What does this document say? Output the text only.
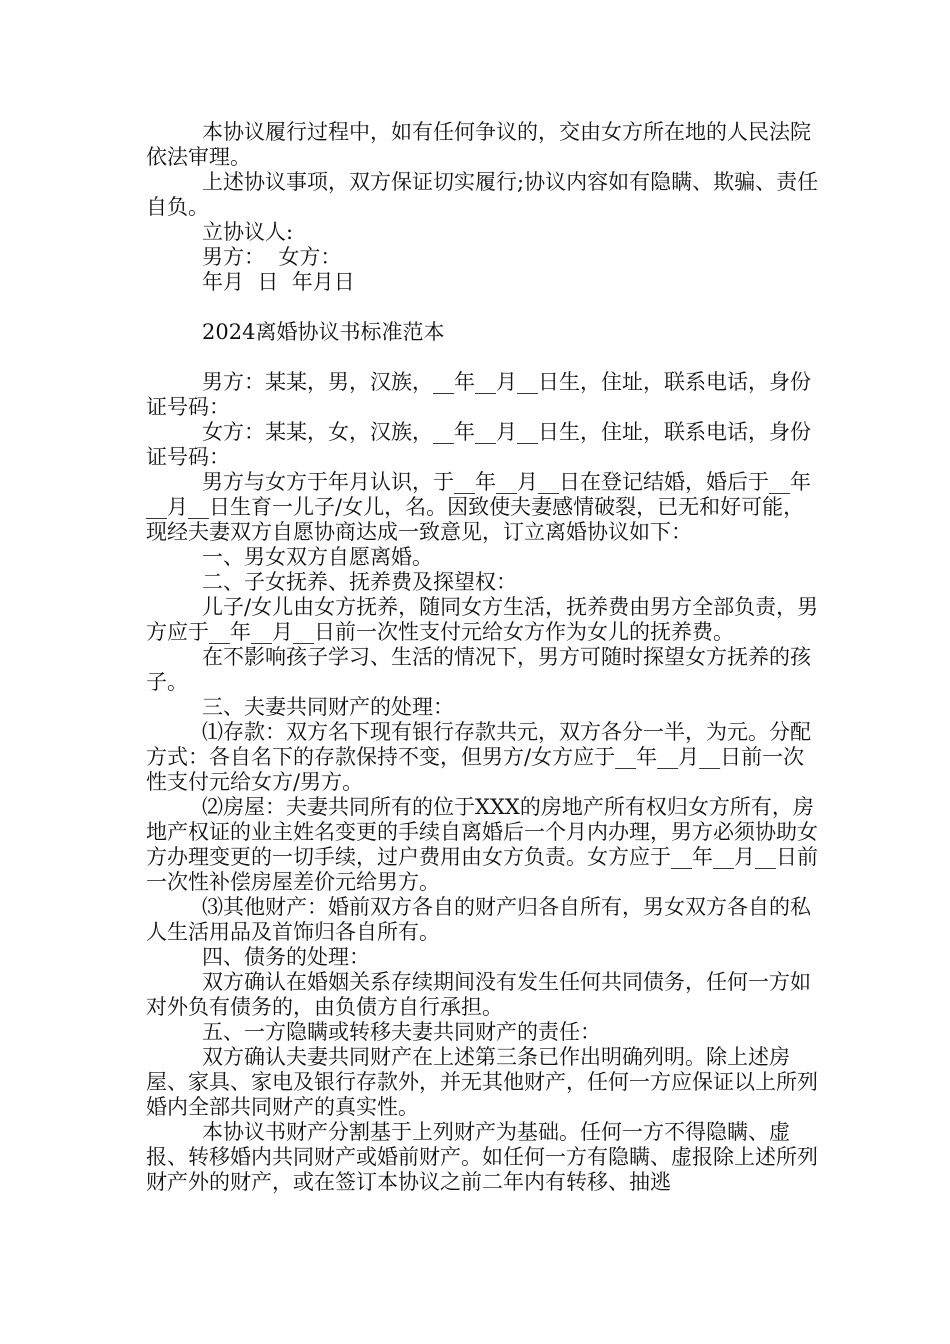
本协议履行过程中，如有任何争议的，交由女方所在地的人民法院依法审理。

上述协议事项，双方保证切实履行;协议内容如有隐瞒、欺骗、责任自负。

立协议人:

男方：  女方：

年月  日  年月日

2024离婚协议书标准范本

男方：某某，男，汉族，__年__月__日生，住址，联系电话，身份证号码：

女方：某某，女，汉族，__年__月__日生，住址，联系电话，身份证号码：

男方与女方于年月认识，于__年__月__日在登记结婚，婚后于__年__月__日生育一儿子/女儿，名。因致使夫妻感情破裂，已无和好可能，现经夫妻双方自愿协商达成一致意见，订立离婚协议如下：

一、男女双方自愿离婚。

二、子女抚养、抚养费及探望权：

儿子/女儿由女方抚养，随同女方生活，抚养费由男方全部负责，男方应于__年__月__日前一次性支付元给女方作为女儿的抚养费。

在不影响孩子学习、生活的情况下，男方可随时探望女方抚养的孩子。

三、夫妻共同财产的处理：

⑴存款：双方名下现有银行存款共元，双方各分一半，为元。分配方式：各自名下的存款保持不变，但男方/女方应于__年__月__日前一次性支付元给女方/男方。

⑵房屋：夫妻共同所有的位于XXX的房地产所有权归女方所有，房地产权证的业主姓名变更的手续自离婚后一个月内办理，男方必须协助女方办理变更的一切手续，过户费用由女方负责。女方应于__年__月__日前一次性补偿房屋差价元给男方。

⑶其他财产：婚前双方各自的财产归各自所有，男女双方各自的私人生活用品及首饰归各自所有。

四、债务的处理：

双方确认在婚姻关系存续期间没有发生任何共同债务，任何一方如对外负有债务的，由负债方自行承担。

五、一方隐瞒或转移夫妻共同财产的责任：

双方确认夫妻共同财产在上述第三条已作出明确列明。除上述房屋、家具、家电及银行存款外，并无其他财产，任何一方应保证以上所列婚内全部共同财产的真实性。

本协议书财产分割基于上列财产为基础。任何一方不得隐瞒、虚报、转移婚内共同财产或婚前财产。如任何一方有隐瞒、虚报除上述所列财产外的财产，或在签订本协议之前二年内有转移、抽逃
